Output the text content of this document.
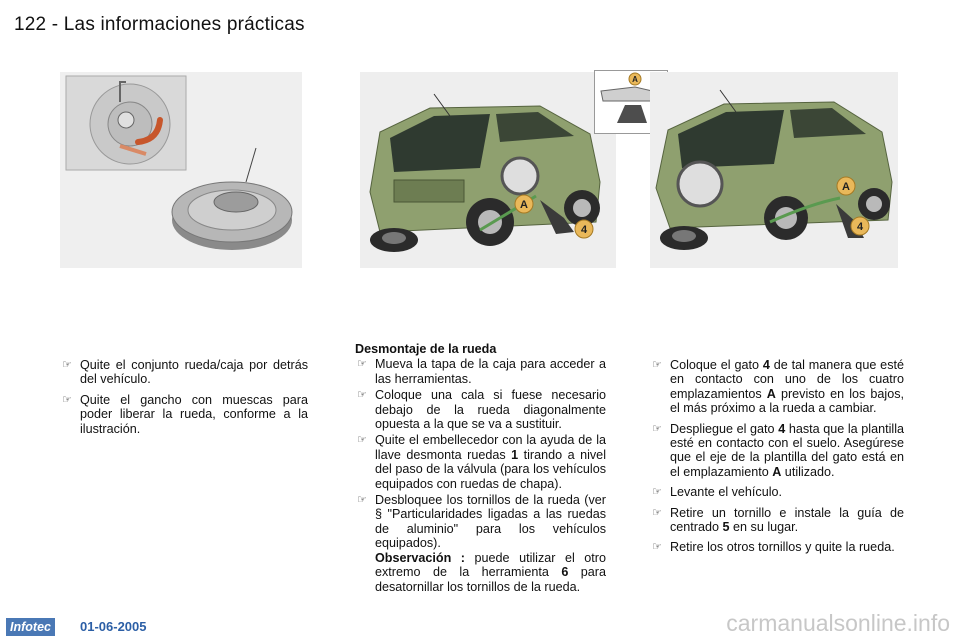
122 - Las informaciones prácticas
A
4
A
A
4
☞ Quite el conjunto rueda/caja por detrás del vehículo.
☞ Quite el gancho con muescas para poder liberar la rueda, conforme a la ilustración.
Desmontaje de la rueda
☞ Mueva la tapa de la caja para acceder a las herramientas.
☞ Coloque una cala si fuese necesario debajo de la rueda diagonalmente opuesta a la que se va a sustituir.
☞ Quite el embellecedor con la ayuda de la llave desmonta ruedas 1 tirando a nivel del paso de la válvula (para los vehículos equipados con ruedas de chapa).
☞ Desbloquee los tornillos de la rueda (ver § "Particularidades ligadas a las ruedas de aluminio" para los vehículos equipados).
Observación : puede utilizar el otro extremo de la herramienta 6 para desatornillar los tornillos de la rueda.
☞ Coloque el gato 4 de tal manera que esté en contacto con uno de los cuatro emplazamientos A previsto en los bajos, el más próximo a la rueda a cambiar.
☞ Despliegue el gato 4 hasta que la plantilla esté en contacto con el suelo. Asegúrese que el eje de la plantilla del gato está en el emplazamiento A utilizado.
☞ Levante el vehículo.
☞ Retire un tornillo e instale la guía de centrado 5 en su lugar.
☞ Retire los otros tornillos y quite la rueda.
Infotec	01-06-2005	carmanualsonline.info
